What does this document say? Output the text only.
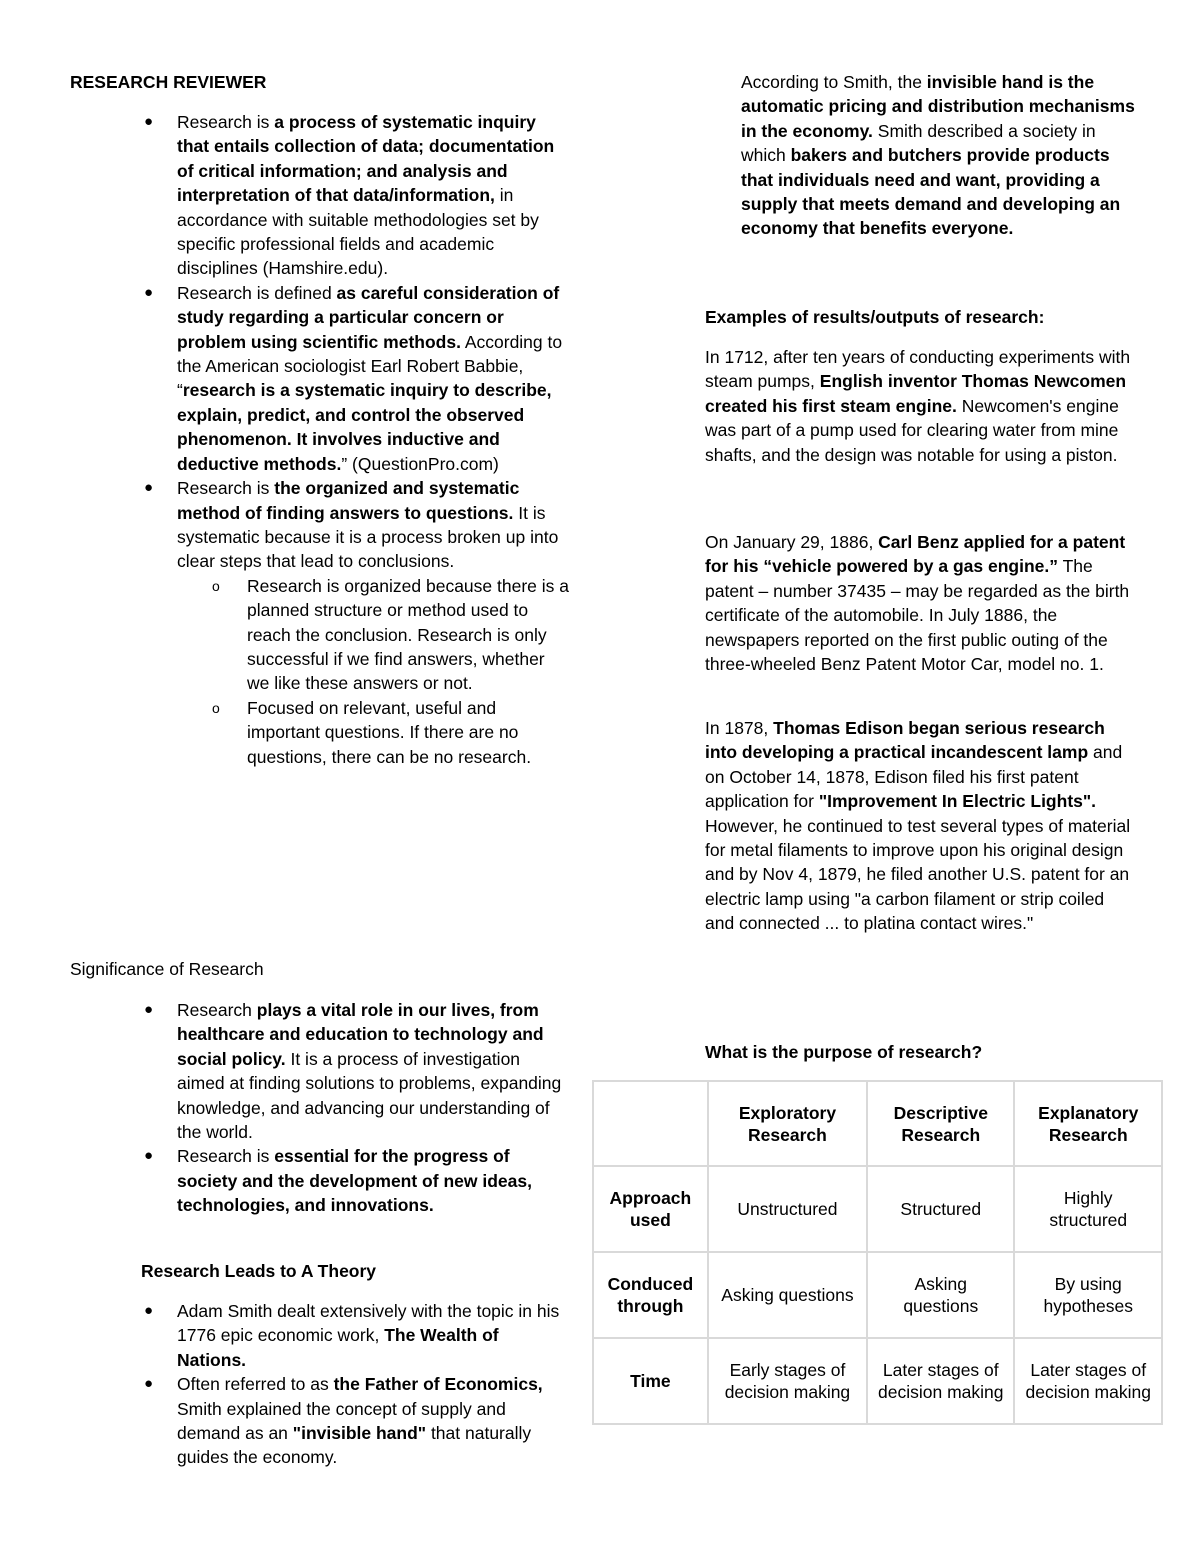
RESEARCH REVIEWER
● Research is a process of systematic inquiry that entails collection of data; documentation of critical information; and analysis and interpretation of that data/information, in accordance with suitable methodologies set by specific professional fields and academic disciplines (Hamshire.edu).
● Research is defined as careful consideration of study regarding a particular concern or problem using scientific methods. According to the American sociologist Earl Robert Babbie, “research is a systematic inquiry to describe, explain, predict, and control the observed phenomenon. It involves inductive and deductive methods.” (QuestionPro.com)
● Research is the organized and systematic method of finding answers to questions. It is systematic because it is a process broken up into clear steps that lead to conclusions.
o Research is organized because there is a planned structure or method used to reach the conclusion. Research is only successful if we find answers, whether we like these answers or not.
o Focused on relevant, useful and important questions. If there are no questions, there can be no research.
Significance of Research
● Research plays a vital role in our lives, from healthcare and education to technology and social policy. It is a process of investigation aimed at finding solutions to problems, expanding knowledge, and advancing our understanding of the world.
● Research is essential for the progress of society and the development of new ideas, technologies, and innovations.
Research Leads to A Theory
● Adam Smith dealt extensively with the topic in his 1776 epic economic work, The Wealth of Nations.
● Often referred to as the Father of Economics, Smith explained the concept of supply and demand as an "invisible hand" that naturally guides the economy.
According to Smith, the invisible hand is the automatic pricing and distribution mechanisms in the economy. Smith described a society in which bakers and butchers provide products that individuals need and want, providing a supply that meets demand and developing an economy that benefits everyone.
Examples of results/outputs of research:
In 1712, after ten years of conducting experiments with steam pumps, English inventor Thomas Newcomen created his first steam engine. Newcomen's engine was part of a pump used for clearing water from mine shafts, and the design was notable for using a piston.
On January 29, 1886, Carl Benz applied for a patent for his “vehicle powered by a gas engine.” The patent – number 37435 – may be regarded as the birth certificate of the automobile. In July 1886, the newspapers reported on the first public outing of the three-wheeled Benz Patent Motor Car, model no. 1.
In 1878, Thomas Edison began serious research into developing a practical incandescent lamp and on October 14, 1878, Edison filed his first patent application for "Improvement In Electric Lights". However, he continued to test several types of material for metal filaments to improve upon his original design and by Nov 4, 1879, he filed another U.S. patent for an electric lamp using "a carbon filament or strip coiled and connected ... to platina contact wires."
What is the purpose of research?
	Exploratory Research	Descriptive Research	Explanatory Research
Approach used	Unstructured	Structured	Highly structured
Conduced through	Asking questions	Asking questions	By using hypotheses
Time	Early stages of decision making	Later stages of decision making	Later stages of decision making
